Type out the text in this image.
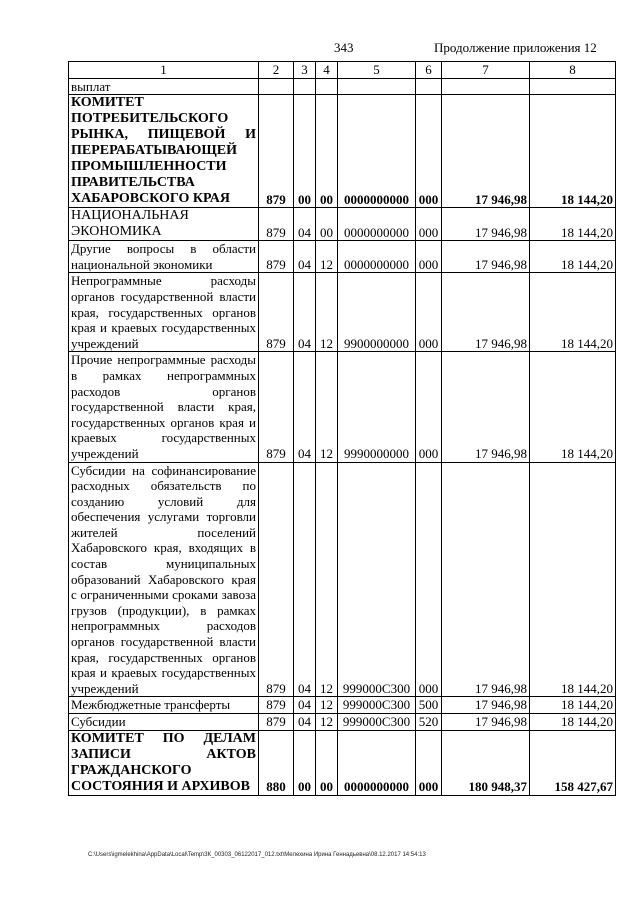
343	Продолжение приложения 12
1	2	3	4	5	6	7	8
выплат							
КОМИТЕТ ПОТРЕБИТЕЛЬСКОГО РЫНКА, ПИЩЕВОЙ И ПЕРЕРАБАТЫВАЮЩЕЙ ПРОМЫШЛЕННОСТИ ПРАВИТЕЛЬСТВА ХАБАРОВСКОГО КРАЯ	879	00	00	0000000000	000	17 946,98	18 144,20
НАЦИОНАЛЬНАЯ ЭКОНОМИКА	879	04	00	0000000000	000	17 946,98	18 144,20
Другие вопросы в области национальной экономики	879	04	12	0000000000	000	17 946,98	18 144,20
Непрограммные расходы органов государственной власти края, государственных органов края и краевых государственных учреждений	879	04	12	9900000000	000	17 946,98	18 144,20
Прочие непрограммные расходы в рамках непрограммных расходов органов государственной власти края, государственных органов края и краевых государственных учреждений	879	04	12	9990000000	000	17 946,98	18 144,20
Субсидии на софинансирование расходных обязательств по созданию условий для обеспечения услугами торговли жителей поселений Хабаровского края, входящих в состав муниципальных образований Хабаровского края с ограниченными сроками завоза грузов (продукции), в рамках непрограммных расходов органов государственной власти края, государственных органов края и краевых государственных учреждений	879	04	12	999000С300	000	17 946,98	18 144,20
Межбюджетные трансферты	879	04	12	999000С300	500	17 946,98	18 144,20
Субсидии	879	04	12	999000С300	520	17 946,98	18 144,20
КОМИТЕТ ПО ДЕЛАМ ЗАПИСИ АКТОВ ГРАЖДАНСКОГО СОСТОЯНИЯ И АРХИВОВ	880	00	00	0000000000	000	180 948,37	158 427,67
C:\Users\igmelekhina\AppData\Local\Temp\ЗК_00303_06122017_012.txt\Мелехина Ирина Геннадьевна\08.12.2017 14:54:13
